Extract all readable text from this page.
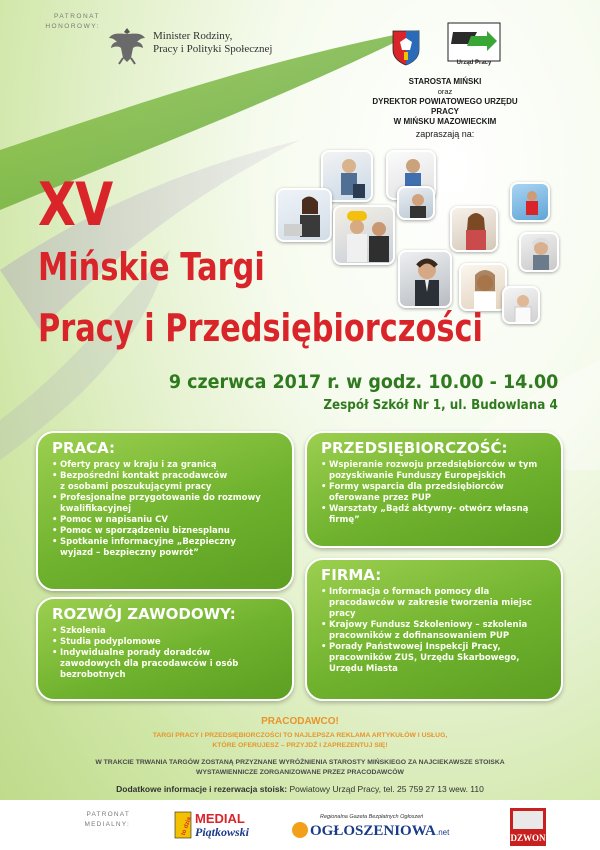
PATRONAT HONOROWY:
Minister Rodziny,
Pracy i Polityki Społecznej
Urząd Pracy
STAROSTA MIŃSKI
oraz
DYREKTOR POWIATOWEGO URZĘDU PRACY
W MIŃSKU MAZOWIECKIM
zapraszają na:
XV
Mińskie Targi
Pracy i Przedsiębiorczości
9 czerwca 2017 r. w godz. 10.00 - 14.00
Zespół Szkół Nr 1, ul. Budowlana 4
PRACA:
• Oferty pracy w kraju i za granicą
• Bezpośredni kontakt pracodawców
z osobami poszukującymi pracy
• Profesjonalne przygotowanie do rozmowy
kwalifikacyjnej
• Pomoc w napisaniu CV
• Pomoc w sporządzeniu biznesplanu
• Spotkanie informacyjne „Bezpieczny
wyjazd – bezpieczny powrót”
ROZWÓJ ZAWODOWY:
• Szkolenia
• Studia podyplomowe
• Indywidualne porady doradców
zawodowych dla pracodawców i osób
bezrobotnych
PRZEDSIĘBIORCZOŚĆ:
• Wspieranie rozwoju przedsiębiorców w tym
pozyskiwanie Funduszy Europejskich
• Formy wsparcia dla przedsiębiorców
oferowane przez PUP
• Warsztaty „Bądź aktywny- otwórz własną
firmę”
FIRMA:
• Informacja o formach pomocy dla
pracodawców w zakresie tworzenia miejsc
pracy
• Krajowy Fundusz Szkoleniowy – szkolenia
pracowników z dofinansowaniem PUP
• Porady Państwowej Inspekcji Pracy,
pracowników ZUS, Urzędu Skarbowego,
Urzędu Miasta
PRACODAWCO!
TARGI PRACY I PRZEDSIĘBIORCZOŚCI TO NAJLEPSZA REKLAMA ARTYKUŁÓW I USŁUG,
KTÓRE OFERUJESZ – PRZYJDŹ I ZAPREZENTUJ SIĘ!
W TRAKCIE TRWANIA TARGÓW ZOSTANĄ PRZYZNANE WYRÓŻNIENIA STAROSTY MIŃSKIEGO ZA NAJCIEKAWSZE STOISKA
WYSTAWIENNICZE ZORGANIZOWANE PRZEZ PRACODAWCÓW
Dodatkowe informacje i rezerwacja stoisk: Powiatowy Urząd Pracy, tel. 25 759 27 13 wew. 110
PATRONAT MEDIALNY:	to dzia MEDIAL
Piątkowski
Regionalna Gazeta Bezpłatnych Ogłoszeń
OGŁOSZENIOWA .net
DZWON
